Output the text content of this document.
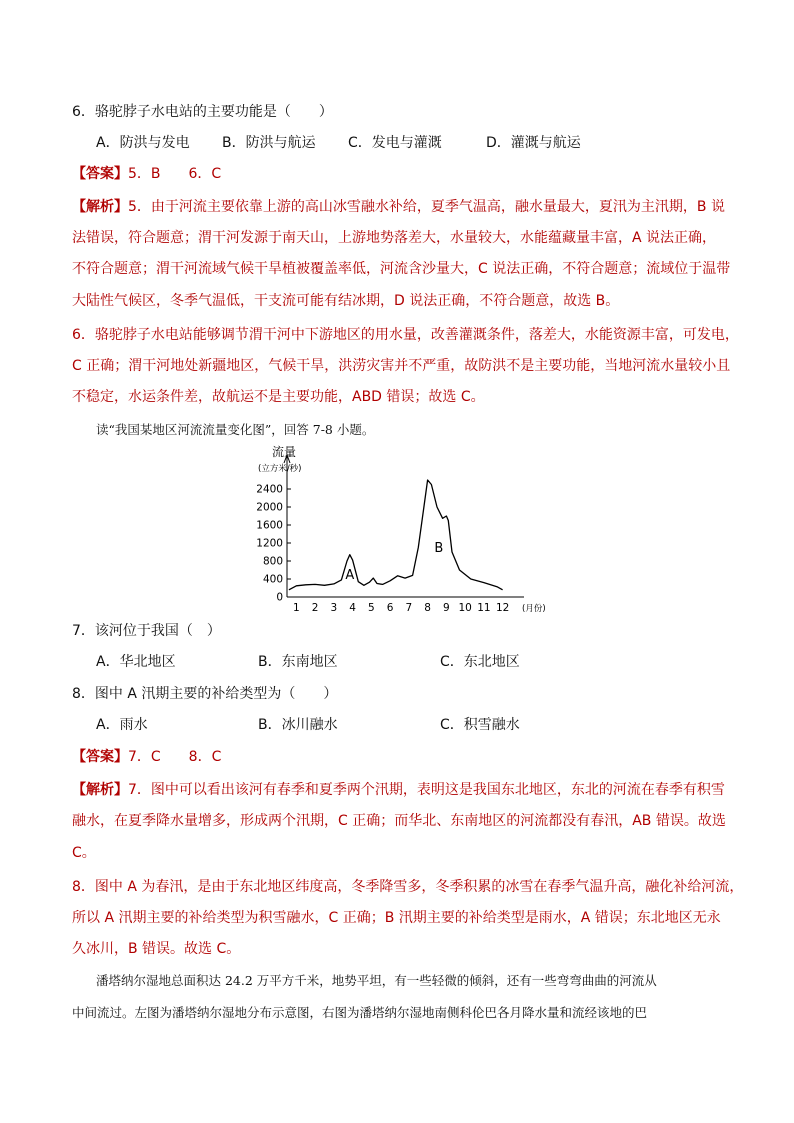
6．骆驼脖子水电站的主要功能是（　　）
A．防洪与发电 B．防洪与航运 C．发电与灌溉	D．灌溉与航运
【答案】5．B　　6．C
【解析】5．由于河流主要依靠上游的高山冰雪融水补给，夏季气温高，融水量最大，夏汛为主汛期，B 说
法错误，符合题意；渭干河发源于南天山，上游地势落差大，水量较大，水能蕴藏量丰富，A 说法正确，
不符合题意；渭干河流域气候干旱植被覆盖率低，河流含沙量大，C 说法正确，不符合题意；流域位于温带
大陆性气候区，冬季气温低，干支流可能有结冰期，D 说法正确，不符合题意，故选 B。
6．骆驼脖子水电站能够调节渭干河中下游地区的用水量，改善灌溉条件，落差大，水能资源丰富，可发电，
C 正确；渭干河地处新疆地区，气候干旱，洪涝灾害并不严重，故防洪不是主要功能，当地河流水量较小且
不稳定，水运条件差，故航运不是主要功能，ABD 错误；故选 C。
读“我国某地区河流流量变化图”，回答 7-8 小题。
流量
(立方米/秒)
0
400
800
1200
1600
2000
2400
1 2 3 4 5 6 7 8 9 10 11 12 (月份)
A
B
7．该河位于我国（　）
A．华北地区	B．东南地区	C．东北地区
8．图中 A 汛期主要的补给类型为（　　）
A．雨水	B．冰川融水	C．积雪融水
【答案】7．C　　8．C
【解析】7．图中可以看出该河有春季和夏季两个汛期，表明这是我国东北地区，东北的河流在春季有积雪
融水，在夏季降水量增多，形成两个汛期，C 正确；而华北、东南地区的河流都没有春汛，AB 错误。故选
C。
8．图中 A 为春汛，是由于东北地区纬度高，冬季降雪多，冬季积累的冰雪在春季气温升高，融化补给河流，
所以 A 汛期主要的补给类型为积雪融水，C 正确；B 汛期主要的补给类型是雨水，A 错误；东北地区无永
久冰川，B 错误。故选 C。
潘塔纳尔湿地总面积达 24.2 万平方千米，地势平坦，有一些轻微的倾斜，还有一些弯弯曲曲的河流从
中间流过。左图为潘塔纳尔湿地分布示意图，右图为潘塔纳尔湿地南侧科伦巴各月降水量和流经该地的巴
